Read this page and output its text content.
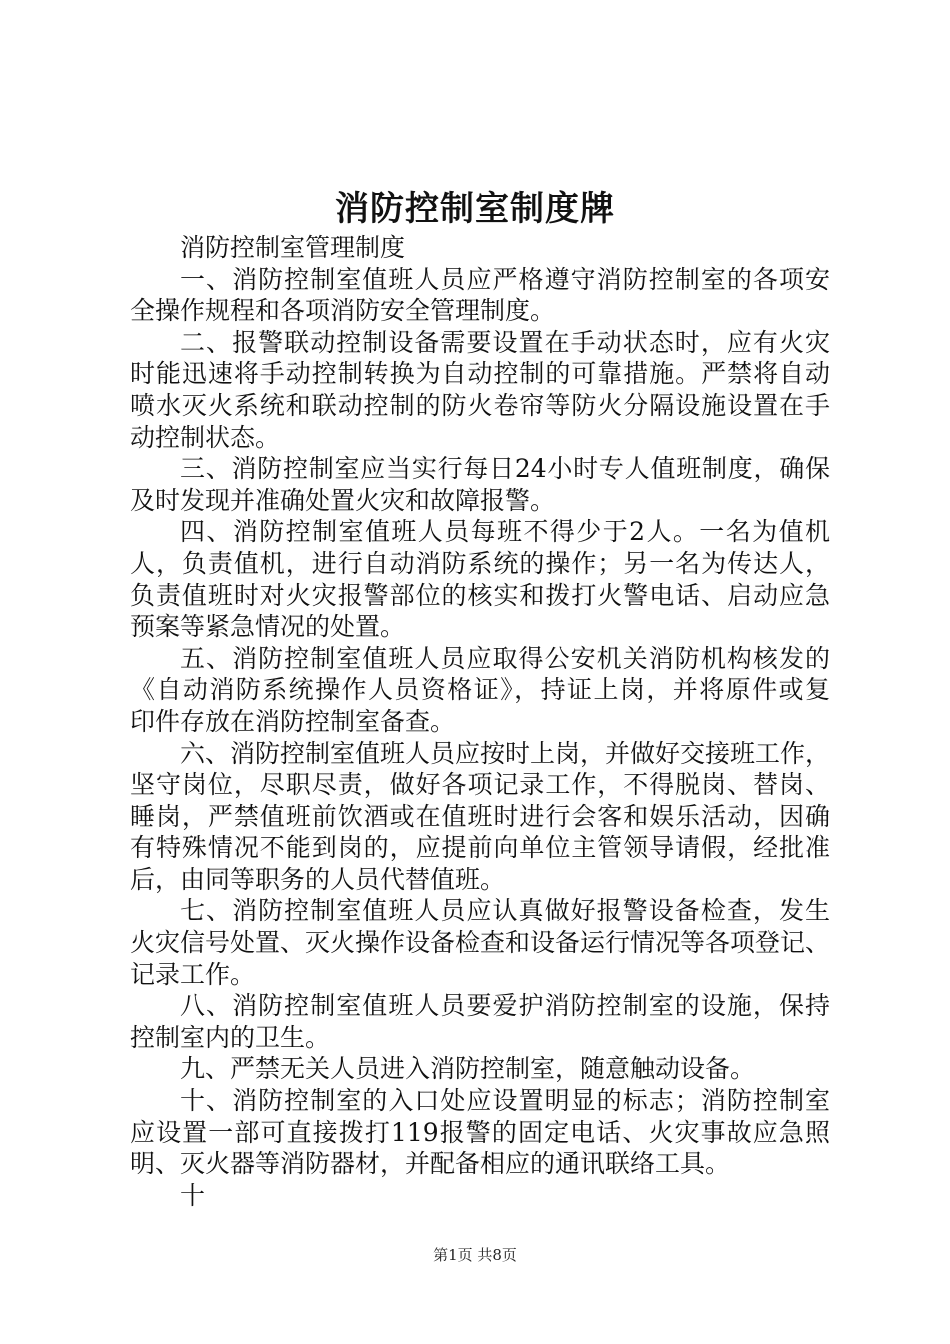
消防控制室制度牌
消防控制室管理制度
一、消防控制室值班人员应严格遵守消防控制室的各项安
全操作规程和各项消防安全管理制度。
二、报警联动控制设备需要设置在手动状态时，应有火灾
时能迅速将手动控制转换为自动控制的可靠措施。严禁将自动
喷水灭火系统和联动控制的防火卷帘等防火分隔设施设置在手
动控制状态。
三、消防控制室应当实行每日24小时专人值班制度，确保
及时发现并准确处置火灾和故障报警。
四、消防控制室值班人员每班不得少于2人。一名为值机
人，负责值机，进行自动消防系统的操作；另一名为传达人，
负责值班时对火灾报警部位的核实和拨打火警电话、启动应急
预案等紧急情况的处置。
五、消防控制室值班人员应取得公安机关消防机构核发的
《自动消防系统操作人员资格证》，持证上岗，并将原件或复
印件存放在消防控制室备查。
六、消防控制室值班人员应按时上岗，并做好交接班工作，
坚守岗位，尽职尽责，做好各项记录工作，不得脱岗、替岗、
睡岗，严禁值班前饮酒或在值班时进行会客和娱乐活动，因确
有特殊情况不能到岗的，应提前向单位主管领导请假，经批准
后，由同等职务的人员代替值班。
七、消防控制室值班人员应认真做好报警设备检查，发生
火灾信号处置、灭火操作设备检查和设备运行情况等各项登记、
记录工作。
八、消防控制室值班人员要爱护消防控制室的设施，保持
控制室内的卫生。
九、严禁无关人员进入消防控制室，随意触动设备。
十、消防控制室的入口处应设置明显的标志；消防控制室
应设置一部可直接拨打119报警的固定电话、火灾事故应急照
明、灭火器等消防器材，并配备相应的通讯联络工具。
十
第1页 共8页
